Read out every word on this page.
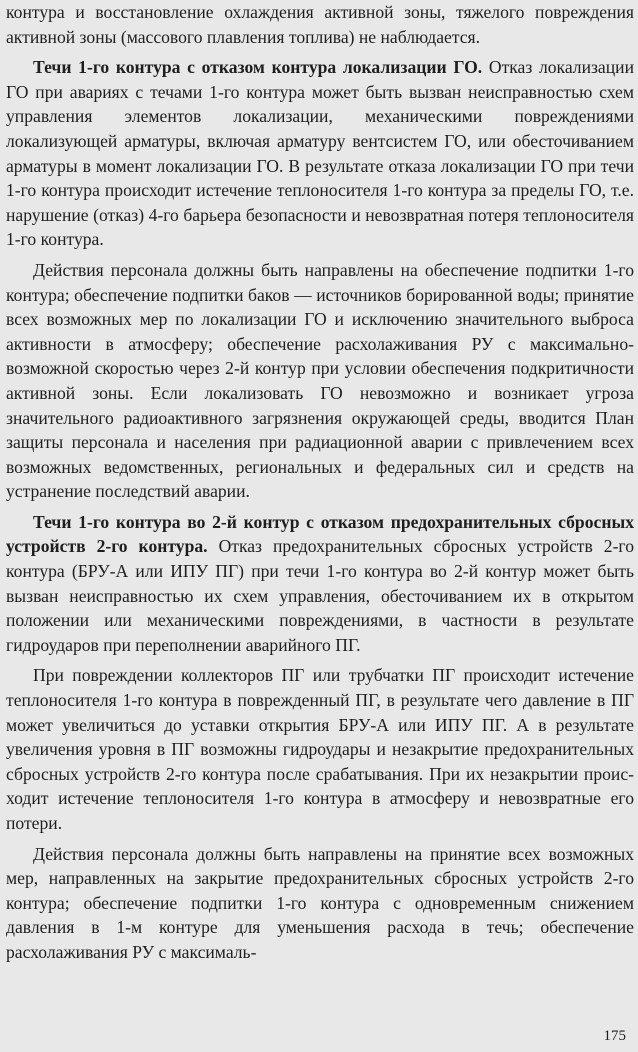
контура и восстановление охлаждения активной зоны, тяжелого повреждения активной зоны (массового плавления топлива) не наблюдается.

Течи 1-го контура с отказом контура локализации ГО. Отказ локализации ГО при авариях с течами 1-го контура может быть вызван неисправностью схем управления элементов локализации, механическими повреждениями локализующей арматуры, включая арматуру вентсистем ГО, или обесточиванием арматуры в момент локализации ГО. В результате отказа локализации ГО при течи 1-го контура происходит истечение теплоносителя 1-го контура за пределы ГО, т.е. нарушение (отказ) 4-го барьера безопасности и невозвратная потеря теплоносителя 1-го контура.

Действия персонала должны быть направлены на обеспечение подпитки 1-го контура; обеспечение подпитки баков — источников борированной воды; принятие всех возможных мер по локализации ГО и исключению значительного выброса активности в атмосферу; обеспечение расхолаживания РУ с максимально-возможной скоростью через 2-й контур при условии обеспечения подкритичности активной зоны. Если локализовать ГО невозможно и возникает угроза значительного радиоактивного загрязнения окружающей среды, вводится План защиты персонала и населения при радиационной аварии с привлечением всех возможных ведомственных, региональных и федеральных сил и средств на устранение последствий аварии.

Течи 1-го контура во 2-й контур с отказом предохранительных сбросных устройств 2-го контура. Отказ предохранительных сбросных устройств 2-го контура (БРУ-А или ИПУ ПГ) при течи 1-го контура во 2-й контур может быть вызван неисправностью их схем управления, обесточиванием их в открытом положении или механическими повреждениями, в частности в результате гидроударов при переполнении аварийного ПГ.

При повреждении коллекторов ПГ или трубчатки ПГ происходит истечение теплоносителя 1-го контура в поврежденный ПГ, в результате чего давление в ПГ может увеличиться до уставки открытия БРУ-А или ИПУ ПГ. А в результате увеличения уровня в ПГ возможны гидроудары и незакрытие предохранительных сбросных устройств 2-го контура после срабатывания. При их незакрытии происходит истечение теплоносителя 1-го контура в атмосферу и невозвратные его потери.

Действия персонала должны быть направлены на принятие всех возможных мер, направленных на закрытие предохранительных сбросных устройств 2-го контура; обеспечение подпитки 1-го контура с одновременным снижением давления в 1-м контуре для уменьшения расхода в течь; обеспечение расхолаживания РУ с максималь-

175
